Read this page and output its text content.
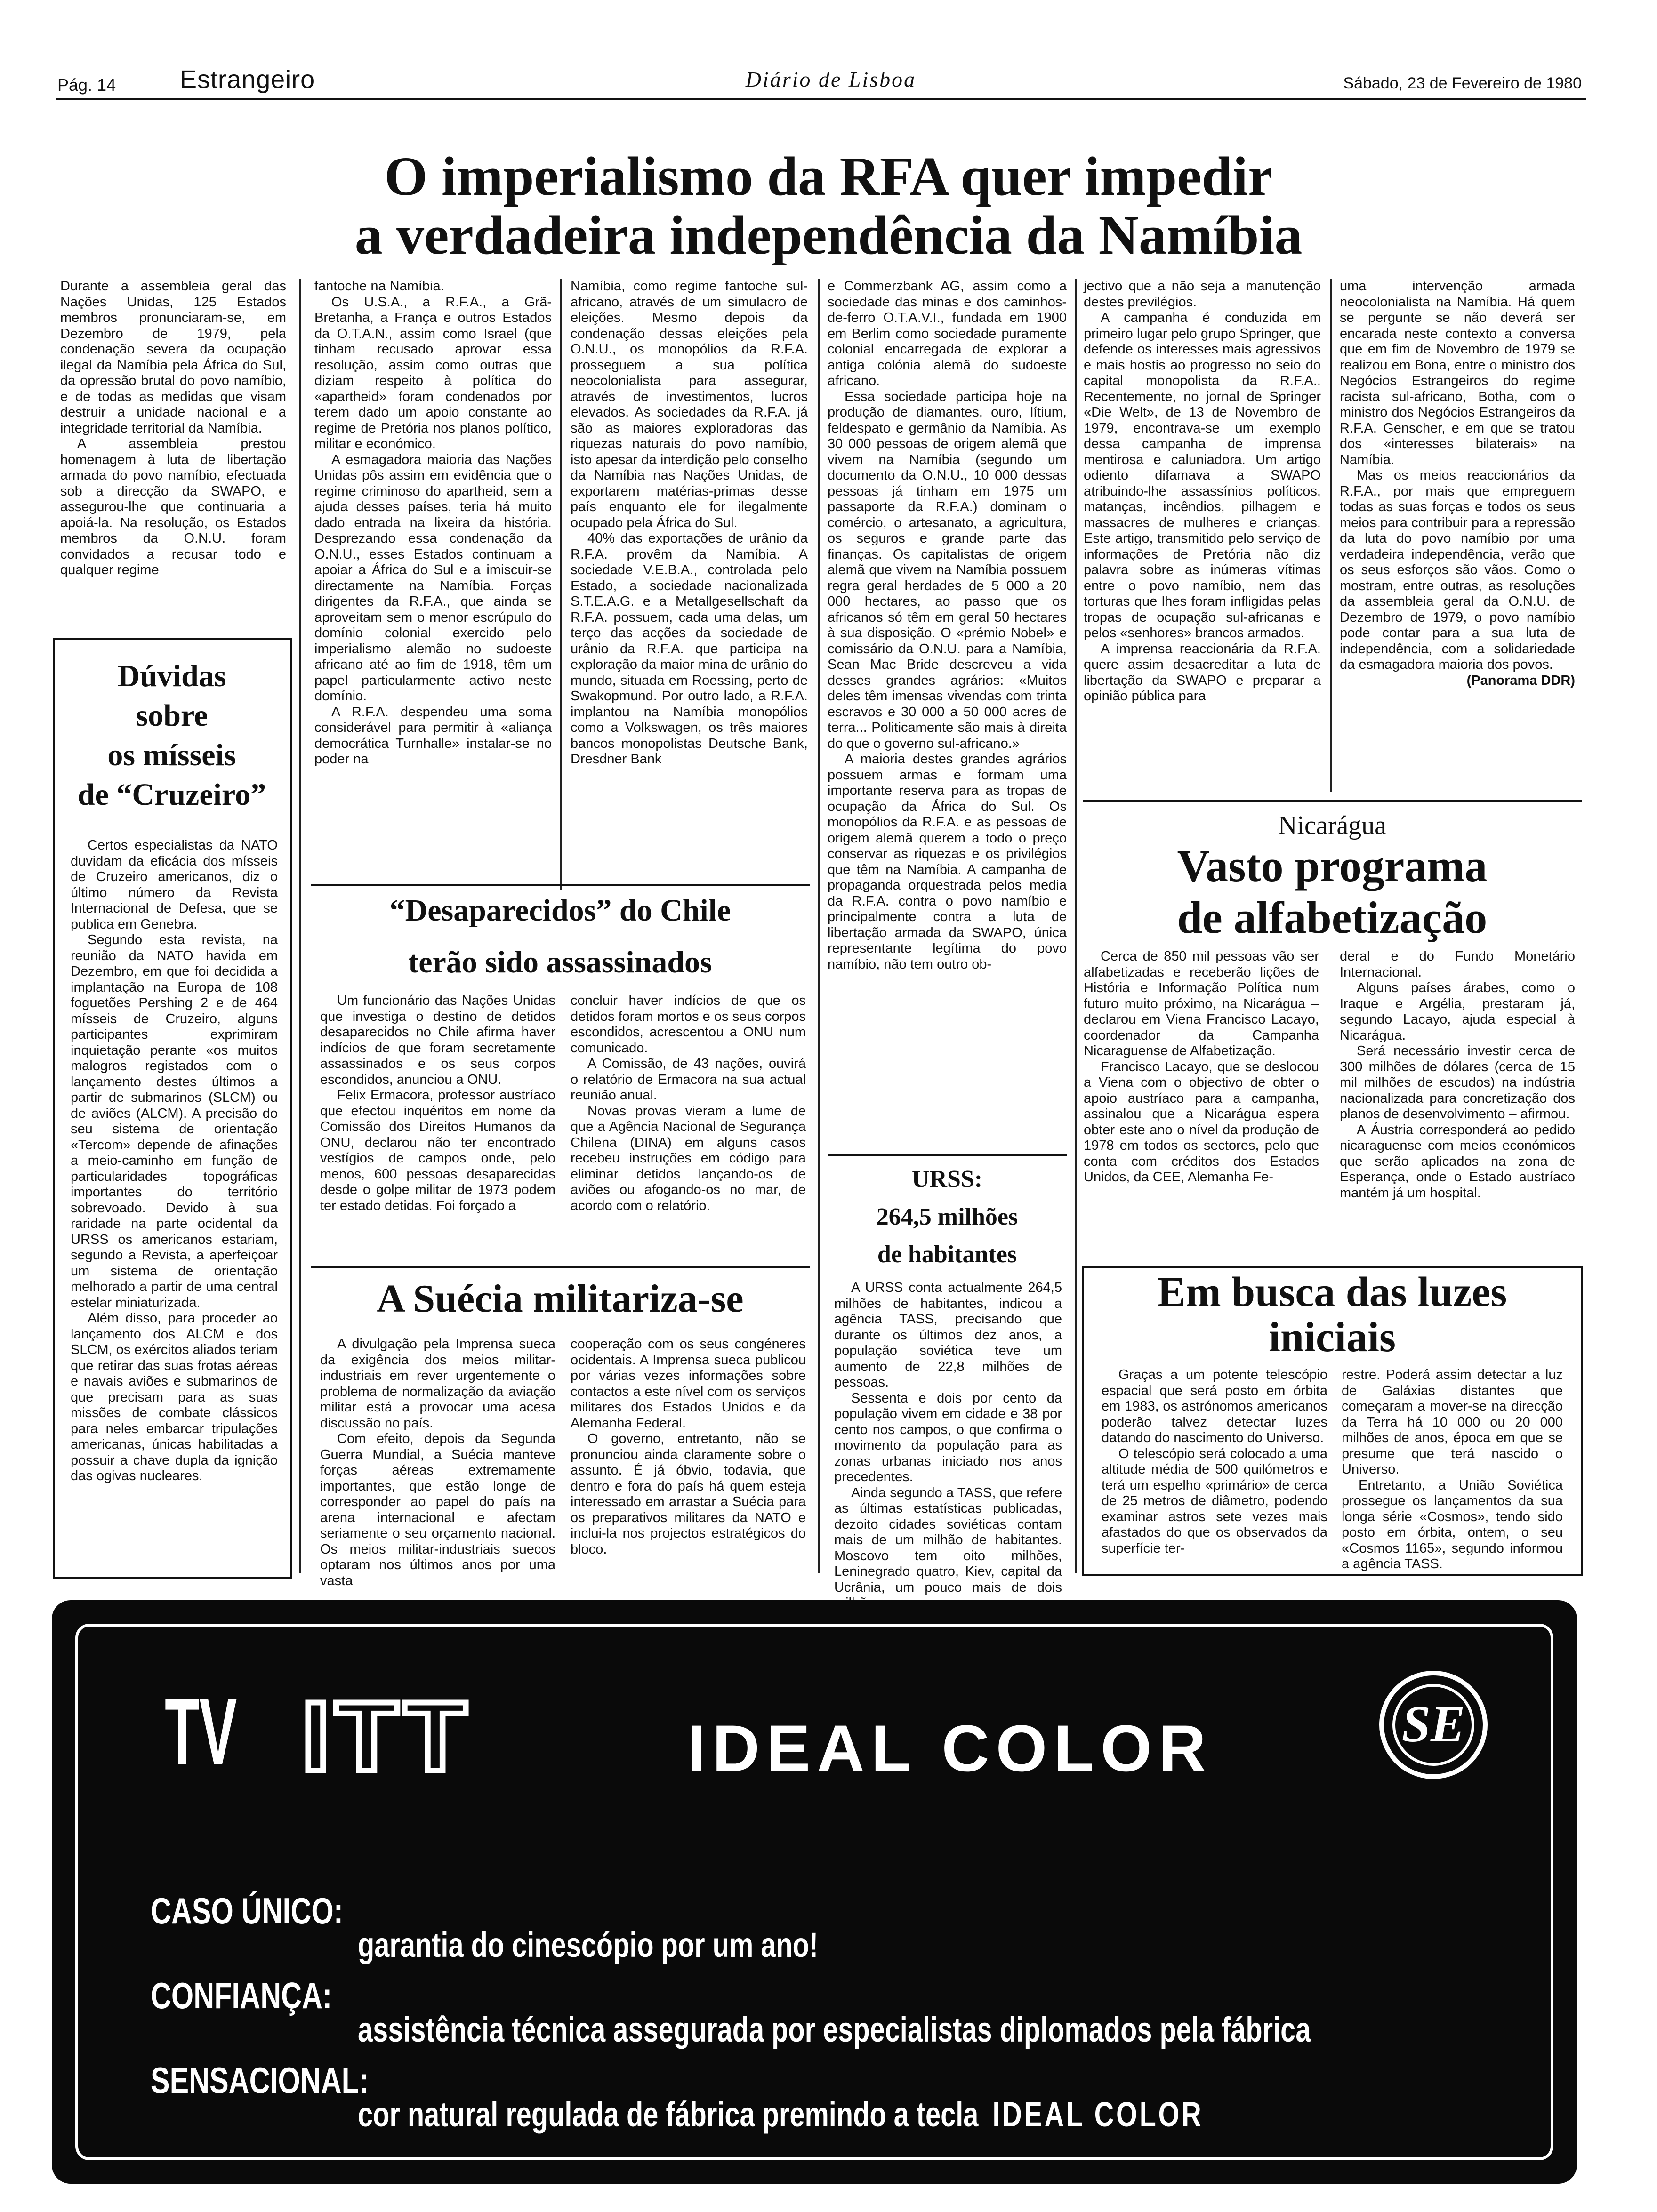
Pág. 14	Estrangeiro	Diário de Lisboa	Sábado, 23 de Fevereiro de 1980
O imperialismo da RFA quer impedir
a verdadeira independência da Namíbia

Durante a assembleia geral das Nações Unidas, 125 Estados membros pronunciaram-se, em Dezembro de 1979, pela condenação severa da ocupação ilegal da Namíbia pela África do Sul, da opressão brutal do povo namíbio, e de todas as medidas que visam destruir a unidade nacional e a integridade territorial da Namíbia.

A assembleia prestou homenagem à luta de libertação armada do povo namíbio, efectuada sob a direcção da SWAPO, e assegurou-lhe que continuaria a apoiá-la. Na resolução, os Estados membros da O.N.U. foram convidados a recusar todo e qualquer regime

fantoche na Namíbia.

Os U.S.A., a R.F.A., a Grã-Bretanha, a França e outros Estados da O.T.A.N., assim como Israel (que tinham recusado aprovar essa resolução, assim como outras que diziam respeito à política do «apartheid» foram condenados por terem dado um apoio constante ao regime de Pretória nos planos político, militar e económico.

A esmagadora maioria das Nações Unidas pôs assim em evidência que o regime criminoso do apartheid, sem a ajuda desses países, teria há muito dado entrada na lixeira da história. Desprezando essa condenação da O.N.U., esses Estados continuam a apoiar a África do Sul e a imiscuir-se directamente na Namíbia. Forças dirigentes da R.F.A., que ainda se aproveitam sem o menor escrúpulo do domínio colonial exercido pelo imperialismo alemão no sudoeste africano até ao fim de 1918, têm um papel particularmente activo neste domínio.

A R.F.A. despendeu uma soma considerável para permitir à «aliança democrática Turnhalle» instalar-se no poder na

Namíbia, como regime fantoche sul-africano, através de um simulacro de eleições. Mesmo depois da condenação dessas eleições pela O.N.U., os monopólios da R.F.A. prosseguem a sua política neocolonialista para assegurar, através de investimentos, lucros elevados. As sociedades da R.F.A. já são as maiores exploradoras das riquezas naturais do povo namíbio, isto apesar da interdição pelo conselho da Namíbia nas Nações Unidas, de exportarem matérias-primas desse país enquanto ele for ilegalmente ocupado pela África do Sul.

40% das exportações de urânio da R.F.A. provêm da Namíbia. A sociedade V.E.B.A., controlada pelo Estado, a sociedade nacionalizada S.T.E.A.G. e a Metallgesellschaft da R.F.A. possuem, cada uma delas, um terço das acções da sociedade de urânio da R.F.A. que participa na exploração da maior mina de urânio do mundo, situada em Roessing, perto de Swakopmund. Por outro lado, a R.F.A. implantou na Namíbia monopólios como a Volkswagen, os três maiores bancos monopolistas Deutsche Bank, Dresdner Bank

e Commerzbank AG, assim como a sociedade das minas e dos caminhos-de-ferro O.T.A.V.I., fundada em 1900 em Berlim como sociedade puramente colonial encarregada de explorar a antiga colónia alemã do sudoeste africano.

Essa sociedade participa hoje na produção de diamantes, ouro, lítium, feldespato e germânio da Namíbia. As 30 000 pessoas de origem alemã que vivem na Namíbia (segundo um documento da O.N.U., 10 000 dessas pessoas já tinham em 1975 um passaporte da R.F.A.) dominam o comércio, o artesanato, a agricultura, os seguros e grande parte das finanças. Os capitalistas de origem alemã que vivem na Namíbia possuem regra geral herdades de 5 000 a 20 000 hectares, ao passo que os africanos só têm em geral 50 hectares à sua disposição. O «prémio Nobel» e comissário da O.N.U. para a Namíbia, Sean Mac Bride descreveu a vida desses grandes agrários: «Muitos deles têm imensas vivendas com trinta escravos e 30 000 a 50 000 acres de terra... Politicamente são mais à direita do que o governo sul-africano.»

A maioria destes grandes agrários possuem armas e formam uma importante reserva para as tropas de ocupação da África do Sul. Os monopólios da R.F.A. e as pessoas de origem alemã querem a todo o preço conservar as riquezas e os privilégios que têm na Namíbia. A campanha de propaganda orquestrada pelos media da R.F.A. contra o povo namíbio e principalmente contra a luta de libertação armada da SWAPO, única representante legítima do povo namíbio, não tem outro ob-

jectivo que a não seja a manutenção destes previlégios.

A campanha é conduzida em primeiro lugar pelo grupo Springer, que defende os interesses mais agressivos e mais hostis ao progresso no seio do capital monopolista da R.F.A.. Recentemente, no jornal de Springer «Die Welt», de 13 de Novembro de 1979, encontrava-se um exemplo dessa campanha de imprensa mentirosa e caluniadora. Um artigo odiento difamava a SWAPO atribuindo-lhe assassínios políticos, matanças, incêndios, pilhagem e massacres de mulheres e crianças. Este artigo, transmitido pelo serviço de informações de Pretória não diz palavra sobre as inúmeras vítimas entre o povo namíbio, nem das torturas que lhes foram infligidas pelas tropas de ocupação sul-africanas e pelos «senhores» brancos armados.

A imprensa reaccionária da R.F.A. quere assim desacreditar a luta de libertação da SWAPO e preparar a opinião pública para

uma intervenção armada neocolonialista na Namíbia. Há quem se pergunte se não deverá ser encarada neste contexto a conversa que em fim de Novembro de 1979 se realizou em Bona, entre o ministro dos Negócios Estrangeiros do regime racista sul-africano, Botha, com o ministro dos Negócios Estrangeiros da R.F.A. Genscher, e em que se tratou dos «interesses bilaterais» na Namíbia.

Mas os meios reaccionários da R.F.A., por mais que empreguem todas as suas forças e todos os seus meios para contribuir para a repressão da luta do povo namíbio por uma verdadeira independência, verão que os seus esforços são vãos. Como o mostram, entre outras, as resoluções da assembleia geral da O.N.U. de Dezembro de 1979, o povo namíbio pode contar para a sua luta de independência, com a solidariedade da esmagadora maioria dos povos.

(Panorama DDR)

Dúvidas
sobre
os mísseis
de “Cruzeiro”

Certos especialistas da NATO duvidam da eficácia dos mísseis de Cruzeiro americanos, diz o último número da Revista Internacional de Defesa, que se publica em Genebra.

Segundo esta revista, na reunião da NATO havida em Dezembro, em que foi decidida a implantação na Europa de 108 foguetões Pershing 2 e de 464 mísseis de Cruzeiro, alguns participantes exprimiram inquietação perante «os muitos malogros registados com o lançamento destes últimos a partir de submarinos (SLCM) ou de aviões (ALCM). A precisão do seu sistema de orientação «Tercom» depende de afinações a meio-caminho em função de particularidades topográficas importantes do território sobrevoado. Devido à sua raridade na parte ocidental da URSS os americanos estariam, segundo a Revista, a aperfeiçoar um sistema de orientação melhorado a partir de uma central estelar miniaturizada.

Além disso, para proceder ao lançamento dos ALCM e dos SLCM, os exércitos aliados teriam que retirar das suas frotas aéreas e navais aviões e submarinos de que precisam para as suas missões de combate clássicos para neles embarcar tripulações americanas, únicas habilitadas a possuir a chave dupla da ignição das ogivas nucleares.

“Desaparecidos” do Chile
terão sido assassinados

Um funcionário das Nações Unidas que investiga o destino de detidos desaparecidos no Chile afirma haver indícios de que foram secretamente assassinados e os seus corpos escondidos, anunciou a ONU.

Felix Ermacora, professor austríaco que efectou inquéritos em nome da Comissão dos Direitos Humanos da ONU, declarou não ter encontrado vestígios de campos onde, pelo menos, 600 pessoas desaparecidas desde o golpe militar de 1973 podem ter estado detidas. Foi forçado a

concluir haver indícios de que os detidos foram mortos e os seus corpos escondidos, acrescentou a ONU num comunicado.

A Comissão, de 43 nações, ouvirá o relatório de Ermacora na sua actual reunião anual.

Novas provas vieram a lume de que a Agência Nacional de Segurança Chilena (DINA) em alguns casos recebeu instruções em código para eliminar detidos lançando-os de aviões ou afogando-os no mar, de acordo com o relatório.

A Suécia militariza-se

A divulgação pela Imprensa sueca da exigência dos meios militar-industriais em rever urgentemente o problema de normalização da aviação militar está a provocar uma acesa discussão no país.

Com efeito, depois da Segunda Guerra Mundial, a Suécia manteve forças aéreas extremamente importantes, que estão longe de corresponder ao papel do país na arena internacional e afectam seriamente o seu orçamento nacional. Os meios militar-industriais suecos optaram nos últimos anos por uma vasta

cooperação com os seus congéneres ocidentais. A Imprensa sueca publicou por várias vezes informações sobre contactos a este nível com os serviços militares dos Estados Unidos e da Alemanha Federal.

O governo, entretanto, não se pronunciou ainda claramente sobre o assunto. É já óbvio, todavia, que dentro e fora do país há quem esteja interessado em arrastar a Suécia para os preparativos militares da NATO e inclui-la nos projectos estratégicos do bloco.

URSS:
264,5 milhões
de habitantes

A URSS conta actualmente 264,5 milhões de habitantes, indicou a agência TASS, precisando que durante os últimos dez anos, a população soviética teve um aumento de 22,8 milhões de pessoas.

Sessenta e dois por cento da população vivem em cidade e 38 por cento nos campos, o que confirma o movimento da população para as zonas urbanas iniciado nos anos precedentes.

Ainda segundo a TASS, que refere as últimas estatísticas publicadas, dezoito cidades soviéticas contam mais de um milhão de habitantes. Moscovo tem oito milhões, Leninegrado quatro, Kiev, capital da Ucrânia, um pouco mais de dois

Nicarágua
Vasto programa
de alfabetização

Cerca de 850 mil pessoas vão ser alfabetizadas e receberão lições de História e Informação Política num futuro muito próximo, na Nicarágua – declarou em Viena Francisco Lacayo, coordenador da Campanha Nicaraguense de Alfabetização.

Francisco Lacayo, que se deslocou a Viena com o objectivo de obter o apoio austríaco para a campanha, assinalou que a Nicarágua espera obter este ano o nível da produção de 1978 em todos os sectores, pelo que conta com créditos dos Estados Unidos, da CEE, Alemanha Fe-

deral e do Fundo Monetário Internacional.

Alguns países árabes, como o Iraque e Argélia, prestaram já, segundo Lacayo, ajuda especial à Nicarágua.

Será necessário investir cerca de 300 milhões de dólares (cerca de 15 mil milhões de escudos) na indústria nacionalizada para concretização dos planos de desenvolvimento – afirmou.

A Áustria corresponderá ao pedido nicaraguense com meios económicos que serão aplicados na zona de Esperança, onde o Estado austríaco mantém já um hospital.

Em busca das luzes
iniciais

Graças a um potente telescópio espacial que será posto em órbita em 1983, os astrónomos americanos poderão talvez detectar luzes datando do nascimento do Universo.

O telescópio será colocado a uma altitude média de 500 quilómetros e terá um espelho «primário» de cerca de 25 metros de diâmetro, podendo examinar astros sete vezes mais afastados do que os observados da superfície ter-

restre. Poderá assim detectar a luz de Galáxias distantes que começaram a mover-se na direcção da Terra há 10 000 ou 20 000 milhões de anos, época em que se presume que terá nascido o Universo.

Entretanto, a União Soviética prossegue os lançamentos da sua longa série «Cosmos», tendo sido posto em órbita, ontem, o seu «Cosmos 1165», segundo informou a agência TASS.

TV ITT	IDEAL COLOR	SE
CASO ÚNICO:
garantia do cinescópio por um ano!
CONFIANÇA:
assistência técnica assegurada por especialistas diplomados pela fábrica
SENSACIONAL:
cor natural regulada de fábrica premindo a tecla IDEAL COLOR
